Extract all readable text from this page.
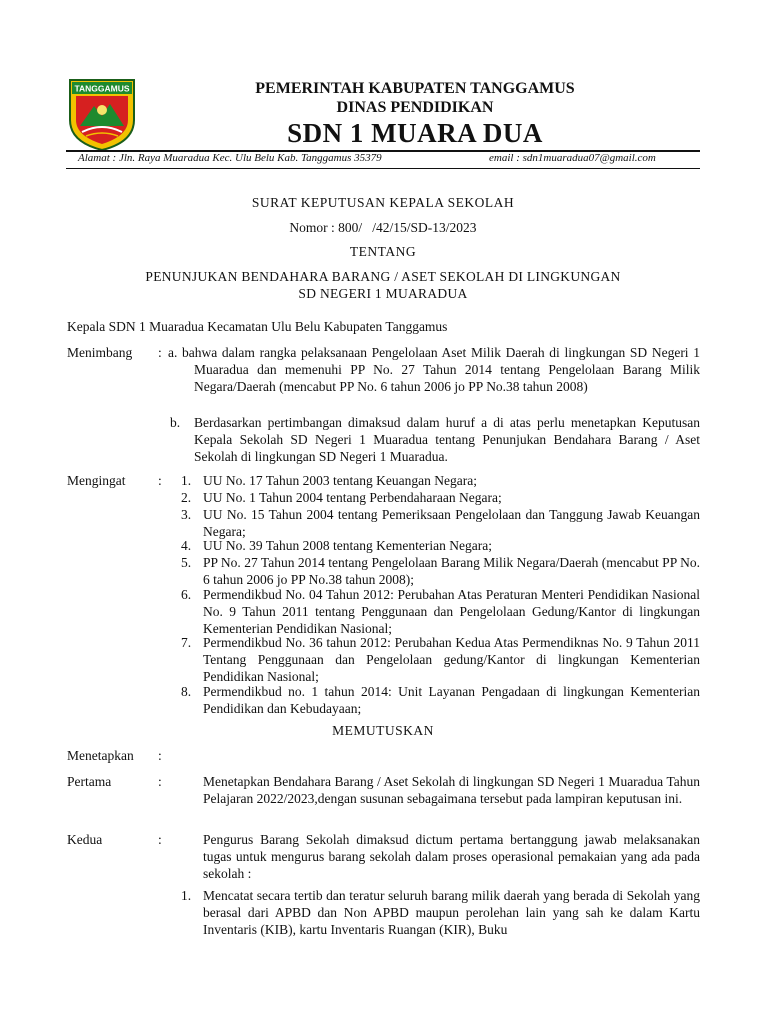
TANGGAMUS	PEMERINTAH KABUPATEN TANGGAMUS
DINAS PENDIDIKAN
SDN 1 MUARA DUA
Alamat : Jln. Raya Muaradua Kec. Ulu Belu Kab. Tanggamus 35379	email : sdn1muaradua07@gmail.com
SURAT KEPUTUSAN KEPALA SEKOLAH
Nomor : 800/   /42/15/SD-13/2023
TENTANG
PENUNJUKAN BENDAHARA BARANG / ASET SEKOLAH DI LINGKUNGAN
SD NEGERI 1 MUARADUA
Kepala SDN 1 Muaradua Kecamatan Ulu Belu Kabupaten Tanggamus
Menimbang : a. bahwa dalam rangka pelaksanaan Pengelolaan Aset Milik Daerah di lingkungan SD Negeri 1 Muaradua dan memenuhi PP No. 27 Tahun 2014 tentang Pengelolaan Barang Milik Negara/Daerah (mencabut PP No. 6 tahun 2006 jo PP No.38 tahun 2008)
b. Berdasarkan pertimbangan dimaksud dalam huruf a di atas perlu menetapkan Keputusan Kepala Sekolah SD Negeri 1 Muaradua tentang Penunjukan Bendahara Barang / Aset Sekolah di lingkungan SD Negeri 1 Muaradua.
Mengingat : 1. UU No. 17 Tahun 2003 tentang Keuangan Negara;
2. UU No. 1 Tahun 2004 tentang Perbendaharaan Negara;
3. UU No. 15 Tahun 2004 tentang Pemeriksaan Pengelolaan dan Tanggung Jawab Keuangan Negara;
4. UU No. 39 Tahun 2008 tentang Kementerian Negara;
5. PP No. 27 Tahun 2014 tentang Pengelolaan Barang Milik Negara/Daerah (mencabut PP No. 6 tahun 2006 jo PP No.38 tahun 2008);
6. Permendikbud No. 04 Tahun 2012: Perubahan Atas Peraturan Menteri Pendidikan Nasional No. 9 Tahun 2011 tentang Penggunaan dan Pengelolaan Gedung/Kantor di lingkungan Kementerian Pendidikan Nasional;
7. Permendikbud No. 36 tahun 2012: Perubahan Kedua Atas Permendiknas No. 9 Tahun 2011 Tentang Penggunaan dan Pengelolaan gedung/Kantor di lingkungan Kementerian Pendidikan Nasional;
8. Permendikbud no. 1 tahun 2014: Unit Layanan Pengadaan di lingkungan Kementerian Pendidikan dan Kebudayaan;
MEMUTUSKAN
Menetapkan :
Pertama	:	Menetapkan Bendahara Barang / Aset Sekolah di lingkungan SD Negeri 1 Muaradua Tahun Pelajaran 2022/2023,dengan susunan sebagaimana tersebut pada lampiran keputusan ini.
Kedua	:	Pengurus Barang Sekolah dimaksud dictum pertama bertanggung jawab melaksanakan tugas untuk mengurus barang sekolah dalam proses operasional pemakaian yang ada pada sekolah :
1. Mencatat secara tertib dan teratur seluruh barang milik daerah yang berada di Sekolah yang berasal dari APBD dan Non APBD maupun perolehan lain yang sah ke dalam Kartu Inventaris (KIB), kartu Inventaris Ruangan (KIR), Buku
